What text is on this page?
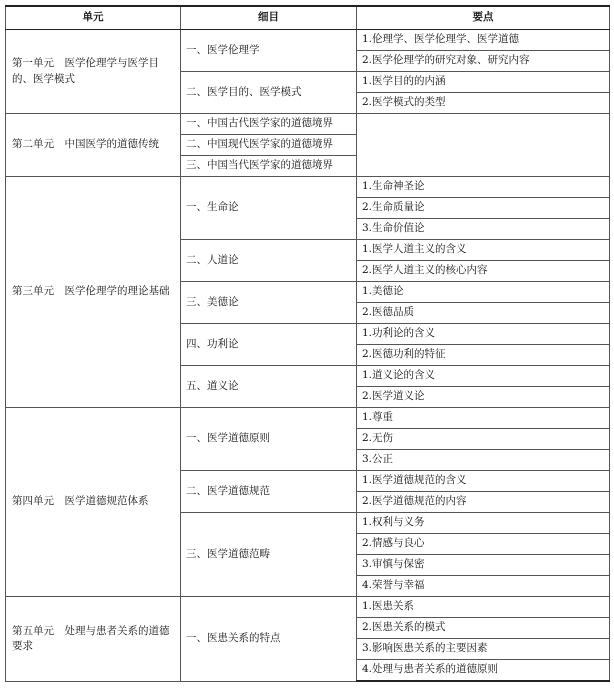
单元	细目	要点
第一单元　医学伦理学与医学目的、医学模式	一、医学伦理学	1.伦理学、医学伦理学、医学道德
		2.医学伦理学的研究对象、研究内容
	二、医学目的、医学模式	1.医学目的的内涵
		2.医学模式的类型
第二单元　中国医学的道德传统	一、中国古代医学家的道德境界	
	二、中国现代医学家的道德境界	
	三、中国当代医学家的道德境界	
第三单元　医学伦理学的理论基础	一、生命论	1.生命神圣论
		2.生命质量论
		3.生命价值论
	二、人道论	1.医学人道主义的含义
		2.医学人道主义的核心内容
	三、美德论	1.美德论
		2.医德品质
	四、功利论	1.功利论的含义
		2.医德功利的特征
	五、道义论	1.道义论的含义
		2.医学道义论
第四单元　医学道德规范体系	一、医学道德原则	1.尊重
		2.无伤
		3.公正
	二、医学道德规范	1.医学道德规范的含义
		2.医学道德规范的内容
	三、医学道德范畴	1.权利与义务
		2.情感与良心
		3.审慎与保密
		4.荣誉与幸福
第五单元　处理与患者关系的道德要求	一、医患关系的特点	1.医患关系
		2.医患关系的模式
		3.影响医患关系的主要因素
		4.处理与患者关系的道德原则
